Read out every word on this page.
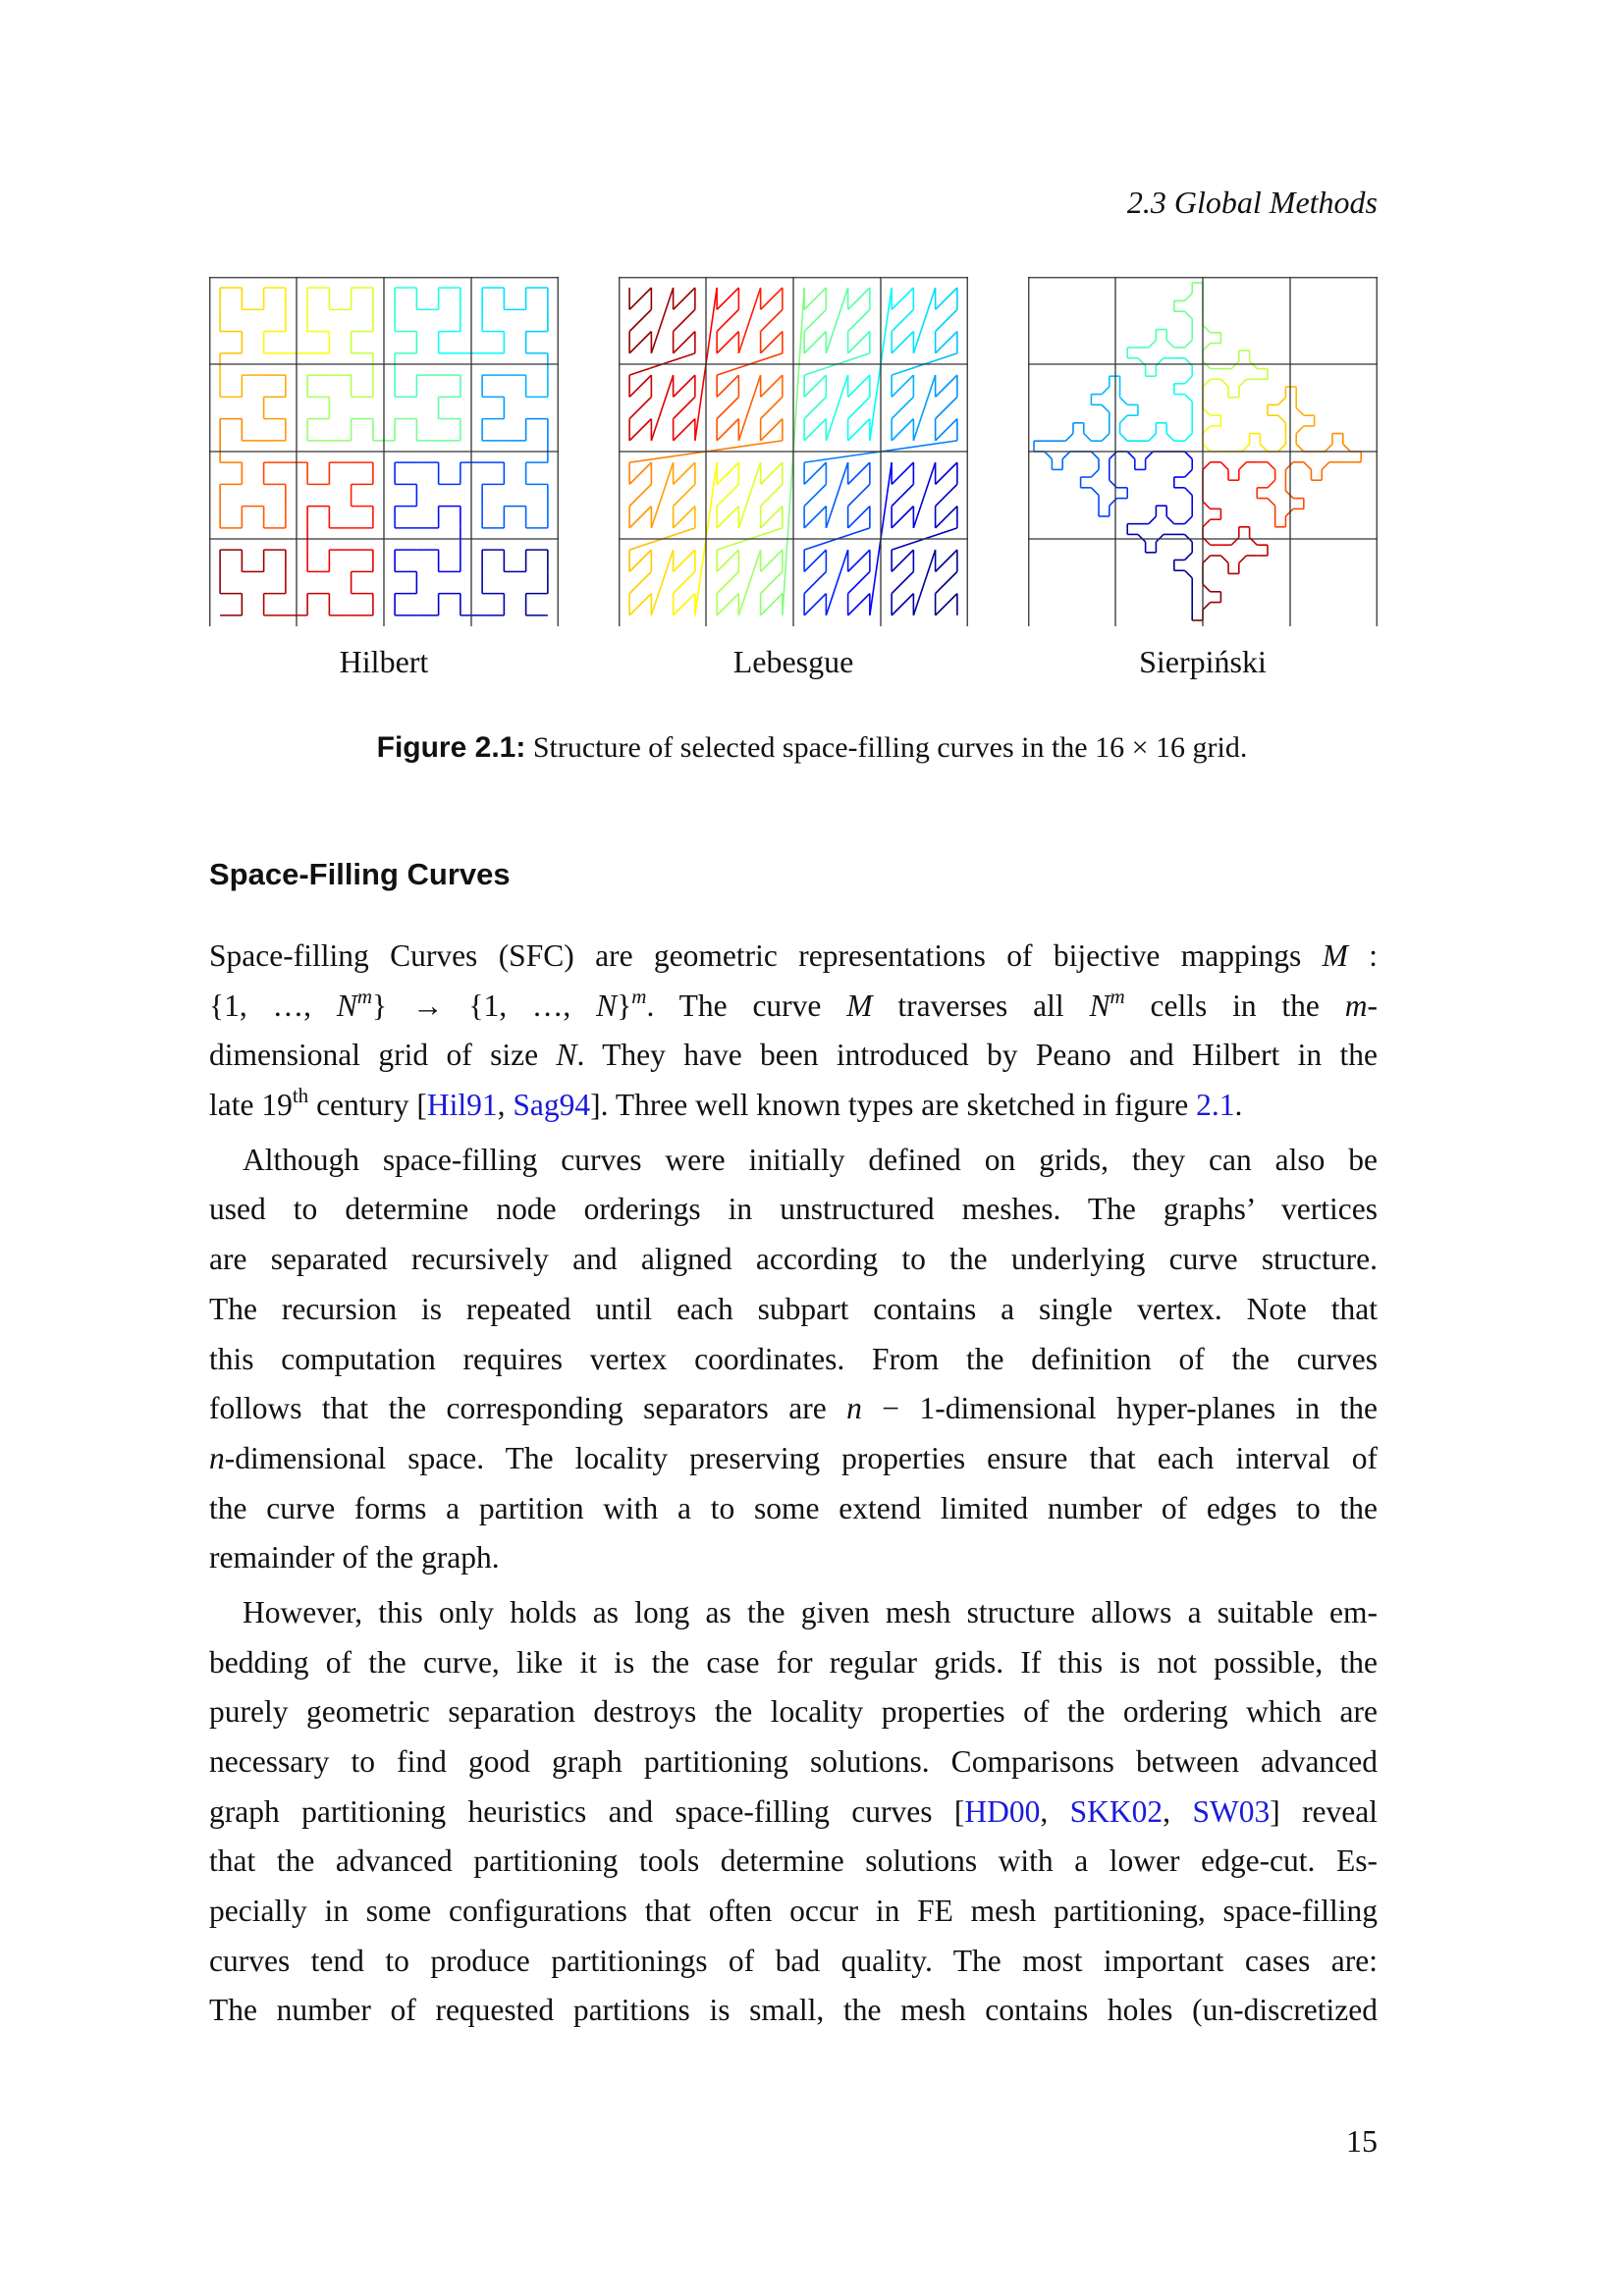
2.3 Global Methods
Hilbert	Lebesgue	Sierpiński
Figure 2.1: Structure of selected space-filling curves in the 16 × 16 grid.
Space-Filling Curves
Space-filling Curves (SFC) are geometric representations of bijective mappings M :
{1, …, $N^m\} \to \{1$, …, N}$^m$. The curve M traverses all $N^m$ cells in the m-
dimensional grid of size N. They have been introduced by Peano and Hilbert in the
late 19th century [Hil91, Sag94]. Three well known types are sketched in figure 2.1.
Although space-filling curves were initially defined on grids, they can also be
used to determine node orderings in unstructured meshes. The graphs’ vertices
are separated recursively and aligned according to the underlying curve structure.
The recursion is repeated until each subpart contains a single vertex. Note that
this computation requires vertex coordinates. From the definition of the curves
follows that the corresponding separators are n − 1-dimensional hyper-planes in the
n-dimensional space. The locality preserving properties ensure that each interval of
the curve forms a partition with a to some extend limited number of edges to the
remainder of the graph.
However, this only holds as long as the given mesh structure allows a suitable em-
bedding of the curve, like it is the case for regular grids. If this is not possible, the
purely geometric separation destroys the locality properties of the ordering which are
necessary to find good graph partitioning solutions. Comparisons between advanced
graph partitioning heuristics and space-filling curves [HD00, SKK02, SW03] reveal
that the advanced partitioning tools determine solutions with a lower edge-cut. Es-
pecially in some configurations that often occur in FE mesh partitioning, space-filling
curves tend to produce partitionings of bad quality. The most important cases are:
The number of requested partitions is small, the mesh contains holes (un-discretized
15
